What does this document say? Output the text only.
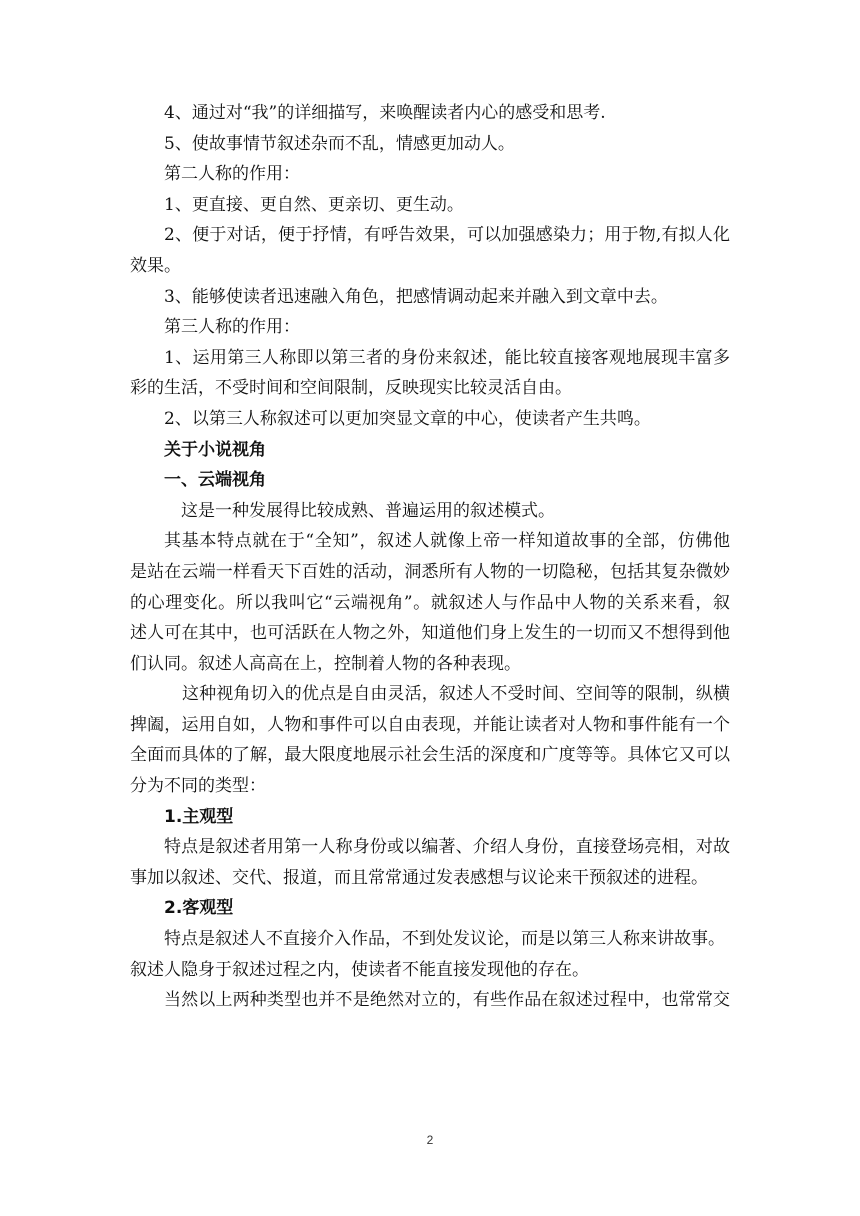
4、通过对“我”的详细描写，来唤醒读者内心的感受和思考.
5、使故事情节叙述杂而不乱，情感更加动人。
第二人称的作用：
1、更直接、更自然、更亲切、更生动。
2、便于对话，便于抒情，有呼告效果，可以加强感染力；用于物,有拟人化
效果。
3、能够使读者迅速融入角色，把感情调动起来并融入到文章中去。
第三人称的作用：
1、运用第三人称即以第三者的身份来叙述，能比较直接客观地展现丰富多
彩的生活，不受时间和空间限制，反映现实比较灵活自由。
2、以第三人称叙述可以更加突显文章的中心，使读者产生共鸣。
关于小说视角
一、云端视角
这是一种发展得比较成熟、普遍运用的叙述模式。
其基本特点就在于“全知”，叙述人就像上帝一样知道故事的全部，仿佛他
是站在云端一样看天下百姓的活动，洞悉所有人物的一切隐秘，包括其复杂微妙
的心理变化。所以我叫它“云端视角”。就叙述人与作品中人物的关系来看，叙
述人可在其中，也可活跃在人物之外，知道他们身上发生的一切而又不想得到他
们认同。叙述人高高在上，控制着人物的各种表现。
这种视角切入的优点是自由灵活，叙述人不受时间、空间等的限制，纵横
捭阖，运用自如，人物和事件可以自由表现，并能让读者对人物和事件能有一个
全面而具体的了解，最大限度地展示社会生活的深度和广度等等。具体它又可以
分为不同的类型：
1.主观型
特点是叙述者用第一人称身份或以编著、介绍人身份，直接登场亮相，对故
事加以叙述、交代、报道，而且常常通过发表感想与议论来干预叙述的进程。
2.客观型
特点是叙述人不直接介入作品，不到处发议论，而是以第三人称来讲故事。
叙述人隐身于叙述过程之内，使读者不能直接发现他的存在。
当然以上两种类型也并不是绝然对立的，有些作品在叙述过程中，也常常交
2
